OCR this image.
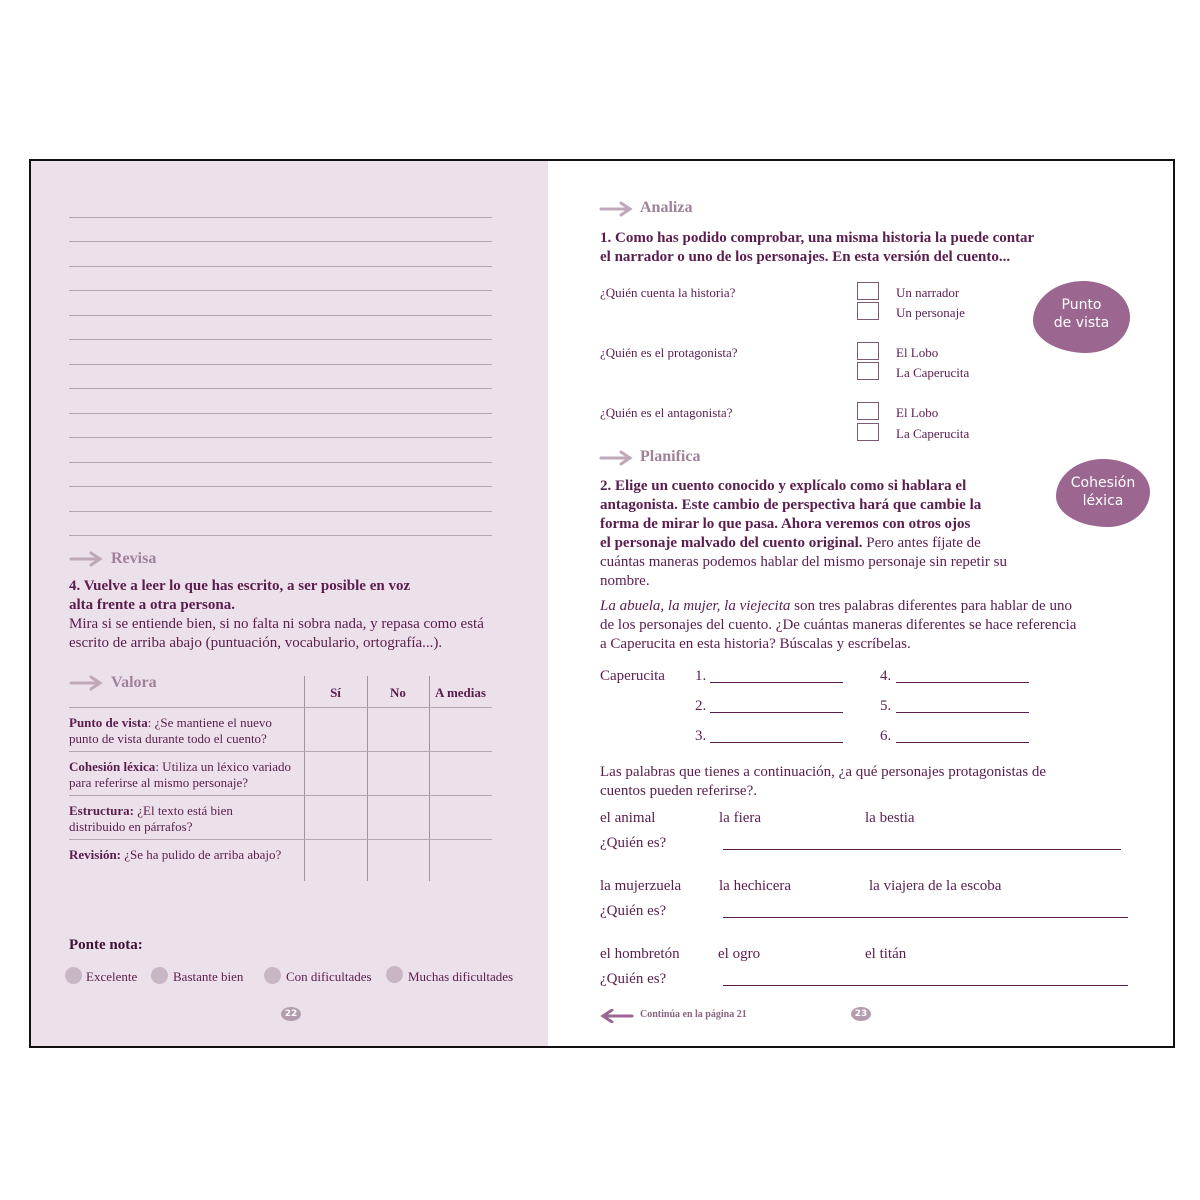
Revisa
4. Vuelve a leer lo que has escrito, a ser posible en voz
alta frente a otra persona.
Mira si se entiende bien, si no falta ni sobra nada, y repasa como está
escrito de arriba abajo (puntuación, vocabulario, ortografía...).
Valora
Sí	No	A medias
Punto de vista: ¿Se mantiene el nuevo
punto de vista durante todo el cuento?
Cohesión léxica: Utiliza un léxico variado
para referirse al mismo personaje?
Estructura: ¿El texto está bien
distribuido en párrafos?
Revisión: ¿Se ha pulido de arriba abajo?
Ponte nota:
Excelente	Bastante bien	Con dificultades	Muchas dificultades
22
Analiza
1. Como has podido comprobar, una misma historia la puede contar
el narrador o uno de los personajes. En esta versión del cuento...
¿Quién cuenta la historia?	Un narrador
Un personaje
¿Quién es el protagonista?	El Lobo
La Caperucita
¿Quién es el antagonista?	El Lobo
La Caperucita
Punto
de vista
Planifica
2. Elige un cuento conocido y explícalo como si hablara el
antagonista. Este cambio de perspectiva hará que cambie la
forma de mirar lo que pasa. Ahora veremos con otros ojos
el personaje malvado del cuento original. Pero antes fíjate de
cuántas maneras podemos hablar del mismo personaje sin repetir su
nombre.
Cohesión
léxica
La abuela, la mujer, la viejecita son tres palabras diferentes para hablar de uno
de los personajes del cuento. ¿De cuántas maneras diferentes se hace referencia
a Caperucita en esta historia? Búscalas y escríbelas.
Caperucita 1.
2.
3.
4.
5.
6.
Las palabras que tienes a continuación, ¿a qué personajes protagonistas de
cuentos pueden referirse?.
el animal	la fiera	la bestia
¿Quién es?
la mujerzuela	la hechicera	la viajera de la escoba
¿Quién es?
el hombretón	el ogro	el titán
¿Quién es?
Continúa en la página 21	23
